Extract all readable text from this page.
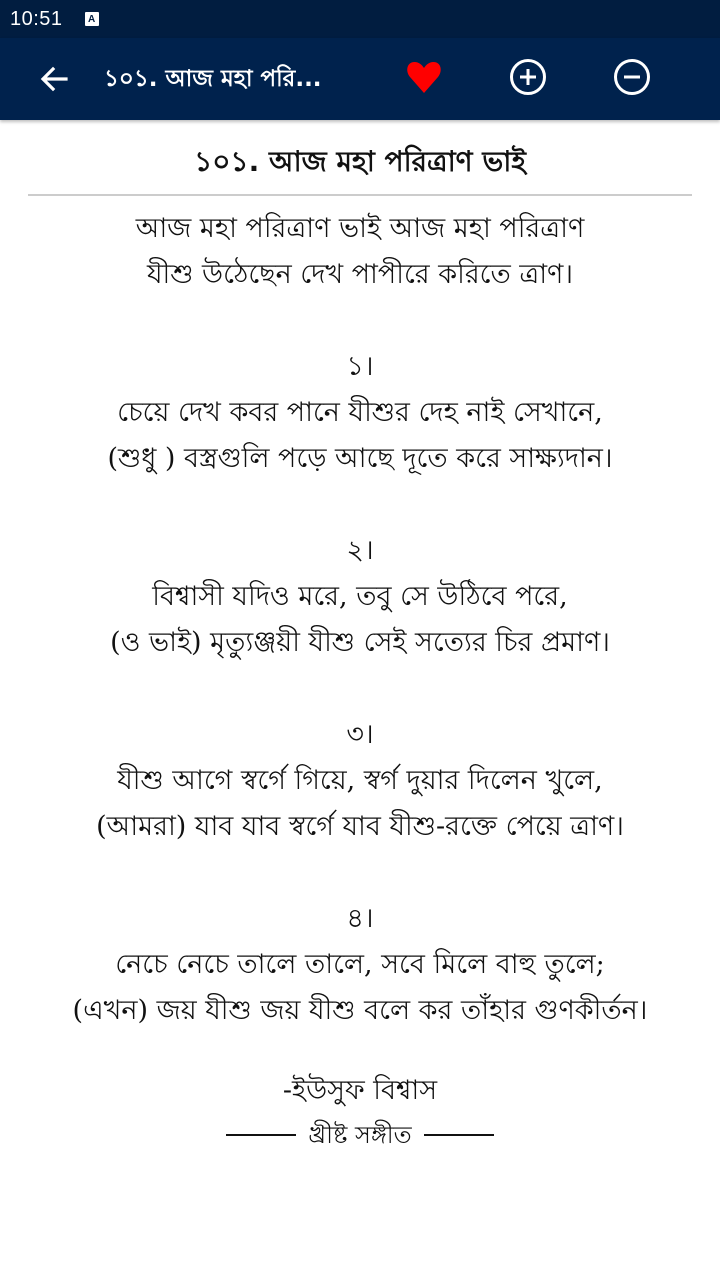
10:51	A
১০১. আজ মহা পরি...
১০১. আজ মহা পরিত্রাণ ভাই
আজ মহা পরিত্রাণ ভাই আজ মহা পরিত্রাণ
যীশু উঠেছেন দেখ পাপীরে করিতে ত্রাণ।
১।
চেয়ে দেখ কবর পানে যীশুর দেহ নাই সেখানে,
(শুধু ) বস্ত্রগুলি পড়ে আছে দূতে করে সাক্ষ্যদান।
২।
বিশ্বাসী যদিও মরে, তবু সে উঠিবে পরে,
(ও ভাই) মৃত্যুঞ্জয়ী যীশু সেই সত্যের চির প্রমাণ।
৩।
যীশু আগে স্বর্গে গিয়ে, স্বর্গ দুয়ার দিলেন খুলে,
(আমরা) যাব যাব স্বর্গে যাব যীশু-রক্তে পেয়ে ত্রাণ।
৪।
নেচে নেচে তালে তালে, সবে মিলে বাহু তুলে;
(এখন) জয় যীশু জয় যীশু বলে কর তাঁহার গুণকীর্তন।
-ইউসুফ বিশ্বাস
খ্রীষ্ট সঙ্গীত
